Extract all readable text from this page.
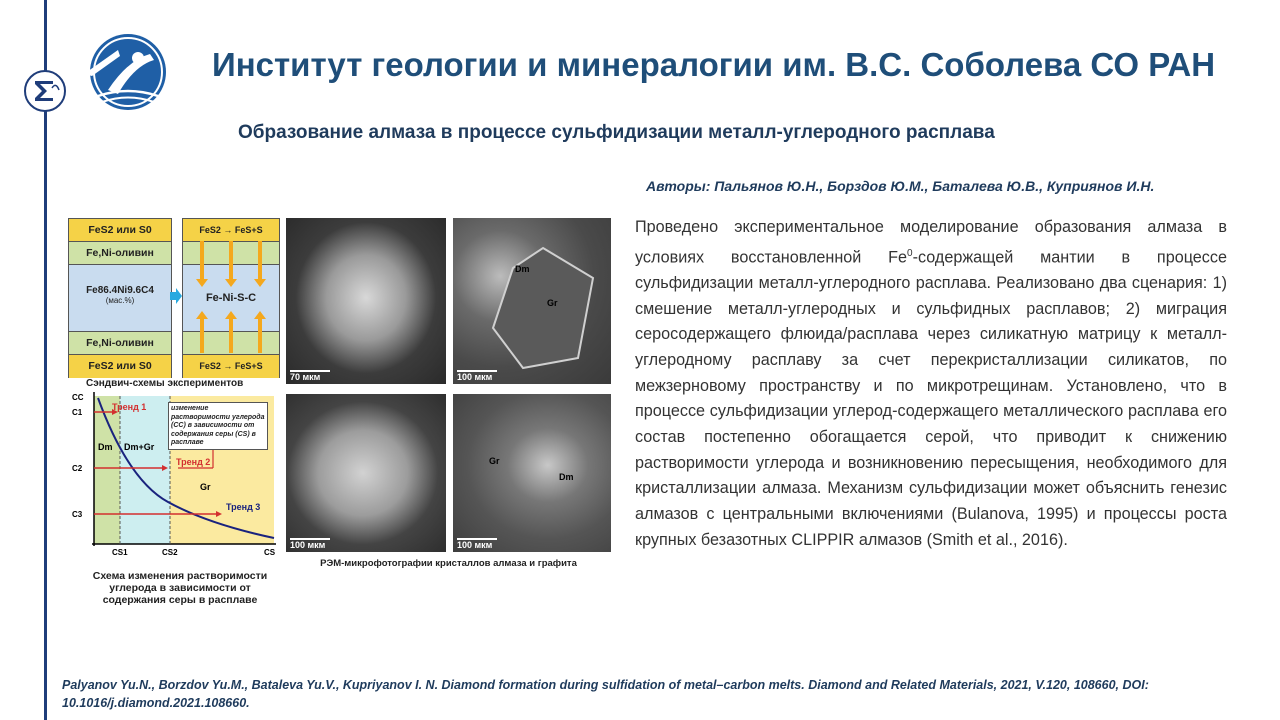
Институт геологии и минералогии им. В.С. Соболева СО РАН
Образование алмаза в процессе сульфидизации металл-углеродного расплава
Авторы: Пальянов Ю.Н., Борздов Ю.М., Баталева Ю.В., Куприянов И.Н.
Проведено экспериментальное моделирование образования алмаза в условиях восстановленной Fe$^0$-содержащей мантии в процессе сульфидизации металл-углеродного расплава. Реализовано два сценария: 1) смешение металл-углеродных и сульфидных расплавов; 2) миграция серосодержащего флюида/расплава через силикатную матрицу к металл-углеродному расплаву за счет перекристаллизации силикатов, по межзерновому пространству и по микротрещинам. Установлено, что в процессе сульфидизации углерод-содержащего металлического расплава его состав постепенно обогащается серой, что приводит к снижению растворимости углерода и возникновению пересыщения, необходимого для кристаллизации алмаза. Механизм сульфидизации может объяснить генезис алмазов с центральными включениями (Bulanova, 1995) и процессы роста крупных безазотных CLIPPIR алмазов (Smith et al., 2016).
Palyanov Yu.N., Borzdov Yu.M., Bataleva Yu.V., Kupriyanov I. N. Diamond formation during sulfidation of metal–carbon melts. Diamond and Related Materials, 2021, V.120, 108660, DOI: 10.1016/j.diamond.2021.108660.
FeS2 или S0
Fe,Ni-оливин
Fe86.4Ni9.6C4
(мас.%)
Fe,Ni-оливин
FeS2 или S0
FeS2 → FeS+S
Fe-Ni-S-C
FeS2 → FeS+S
Сэндвич-схемы экспериментов
CC
C1
C2
C3
CS1	CS2	CS
Dm Dm+Gr
Gr
Тренд 1
Тренд 2
Тренд 3
изменение растворимости углерода (CC) в зависимости от содержания серы (CS) в расплаве
Схема изменения растворимости углерода в зависимости от содержания серы в расплаве
70 мкм
Dm
Gr
100 мкм
100 мкм
Gr
Dm
100 мкм
РЭМ-микрофотографии кристаллов алмаза и графита
